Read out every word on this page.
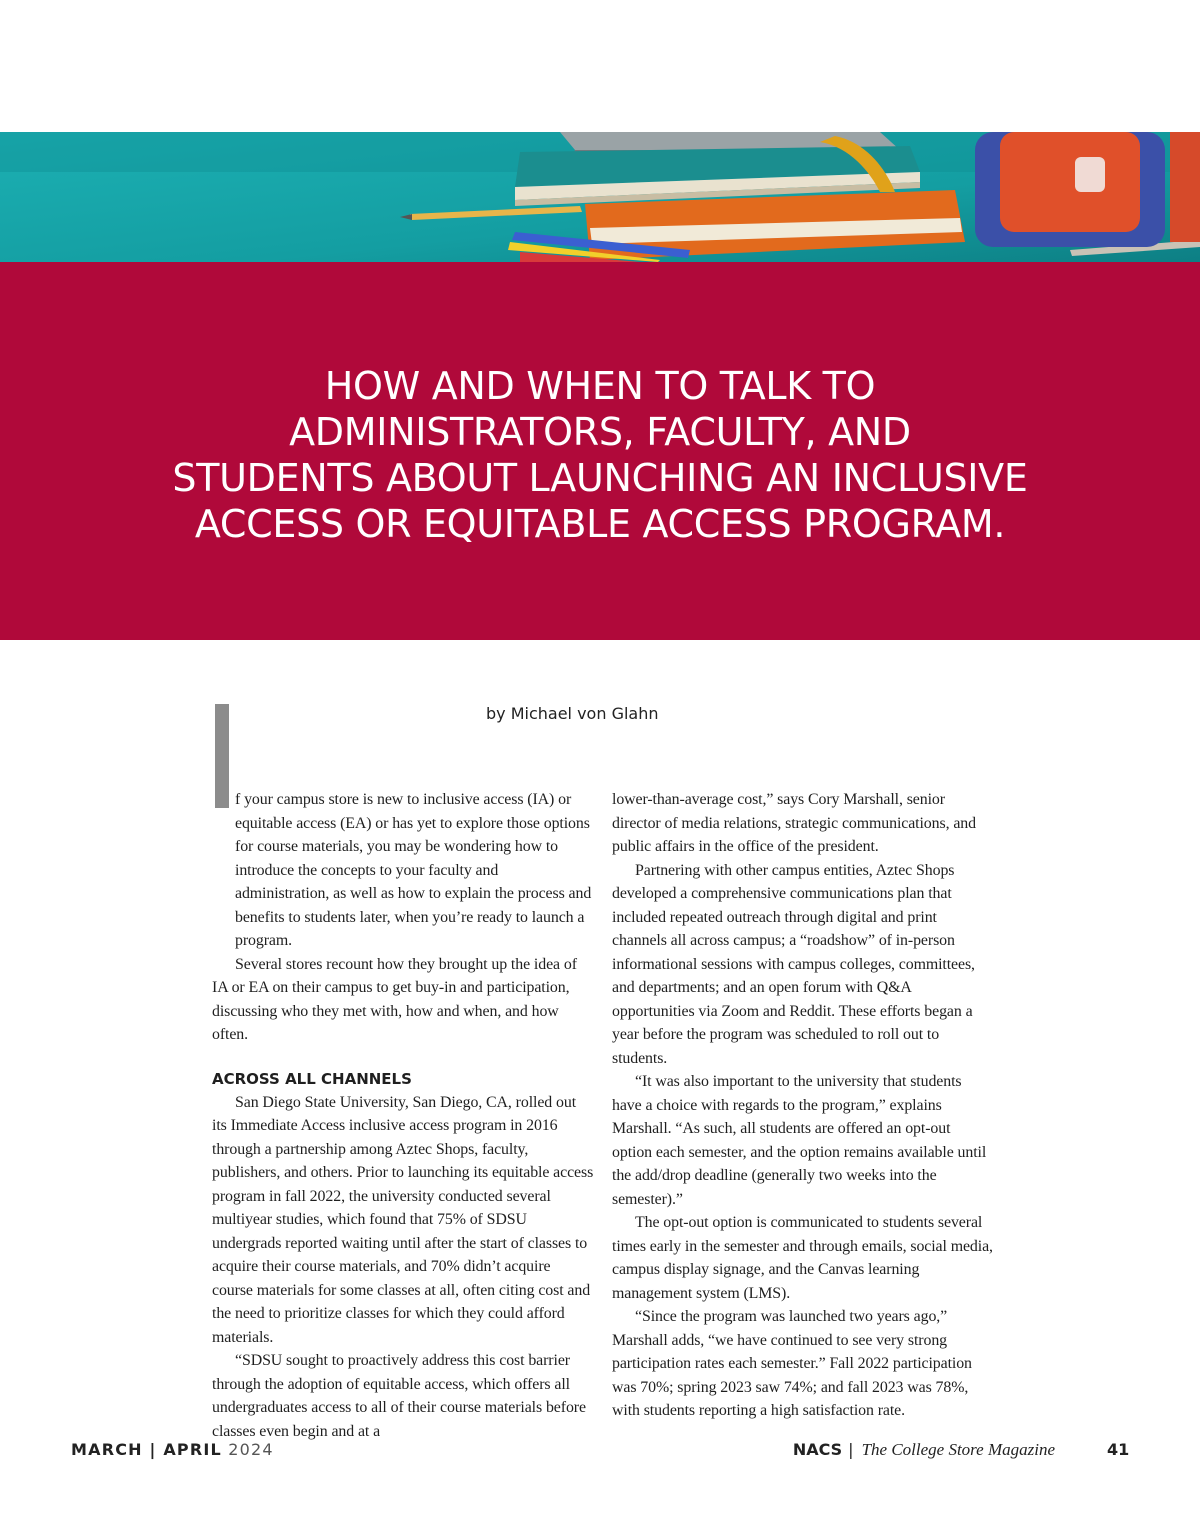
HOW AND WHEN TO TALK TO
ADMINISTRATORS, FACULTY, AND
STUDENTS ABOUT LAUNCHING AN INCLUSIVE
ACCESS OR EQUITABLE ACCESS PROGRAM.

by Michael von Glahn

f your campus store is new to inclusive access (IA) or equitable access (EA) or has yet to explore those options for course materials, you may be wondering how to introduce the concepts to your faculty and administration, as well as how to explain the process and benefits to students later, when you’re ready to launch a program.

Several stores recount how they brought up the idea of IA or EA on their campus to get buy-in and participation, discussing who they met with, how and when, and how often.

ACROSS ALL CHANNELS

San Diego State University, San Diego, CA, rolled out its Immediate Access inclusive access program in 2016 through a partnership among Aztec Shops, faculty, publishers, and others. Prior to launching its equitable access program in fall 2022, the university conducted several multiyear studies, which found that 75% of SDSU undergrads reported waiting until after the start of classes to acquire their course materials, and 70% didn’t acquire course materials for some classes at all, often citing cost and the need to prioritize classes for which they could afford materials.

“SDSU sought to proactively address this cost barrier through the adoption of equitable access, which offers all undergraduates access to all of their course materials before classes even begin and at a

lower-than-average cost,” says Cory Marshall, senior director of media relations, strategic communications, and public affairs in the office of the president.

Partnering with other campus entities, Aztec Shops developed a comprehensive communications plan that included repeated outreach through digital and print channels all across campus; a “roadshow” of in-person informational sessions with campus colleges, committees, and departments; and an open forum with Q&A opportunities via Zoom and Reddit. These efforts began a year before the program was scheduled to roll out to students.

“It was also important to the university that students have a choice with regards to the program,” explains Marshall. “As such, all students are offered an opt-out option each semester, and the option remains available until the add/drop deadline (generally two weeks into the semester).”

The opt-out option is communicated to students several times early in the semester and through emails, social media, campus display signage, and the Canvas learning management system (LMS).

“Since the program was launched two years ago,” Marshall adds, “we have continued to see very strong participation rates each semester.” Fall 2022 participation was 70%; spring 2023 saw 74%; and fall 2023 was 78%, with students reporting a high satisfaction rate.

MARCH | APRIL 2024	NACS | The College Store Magazine	41
